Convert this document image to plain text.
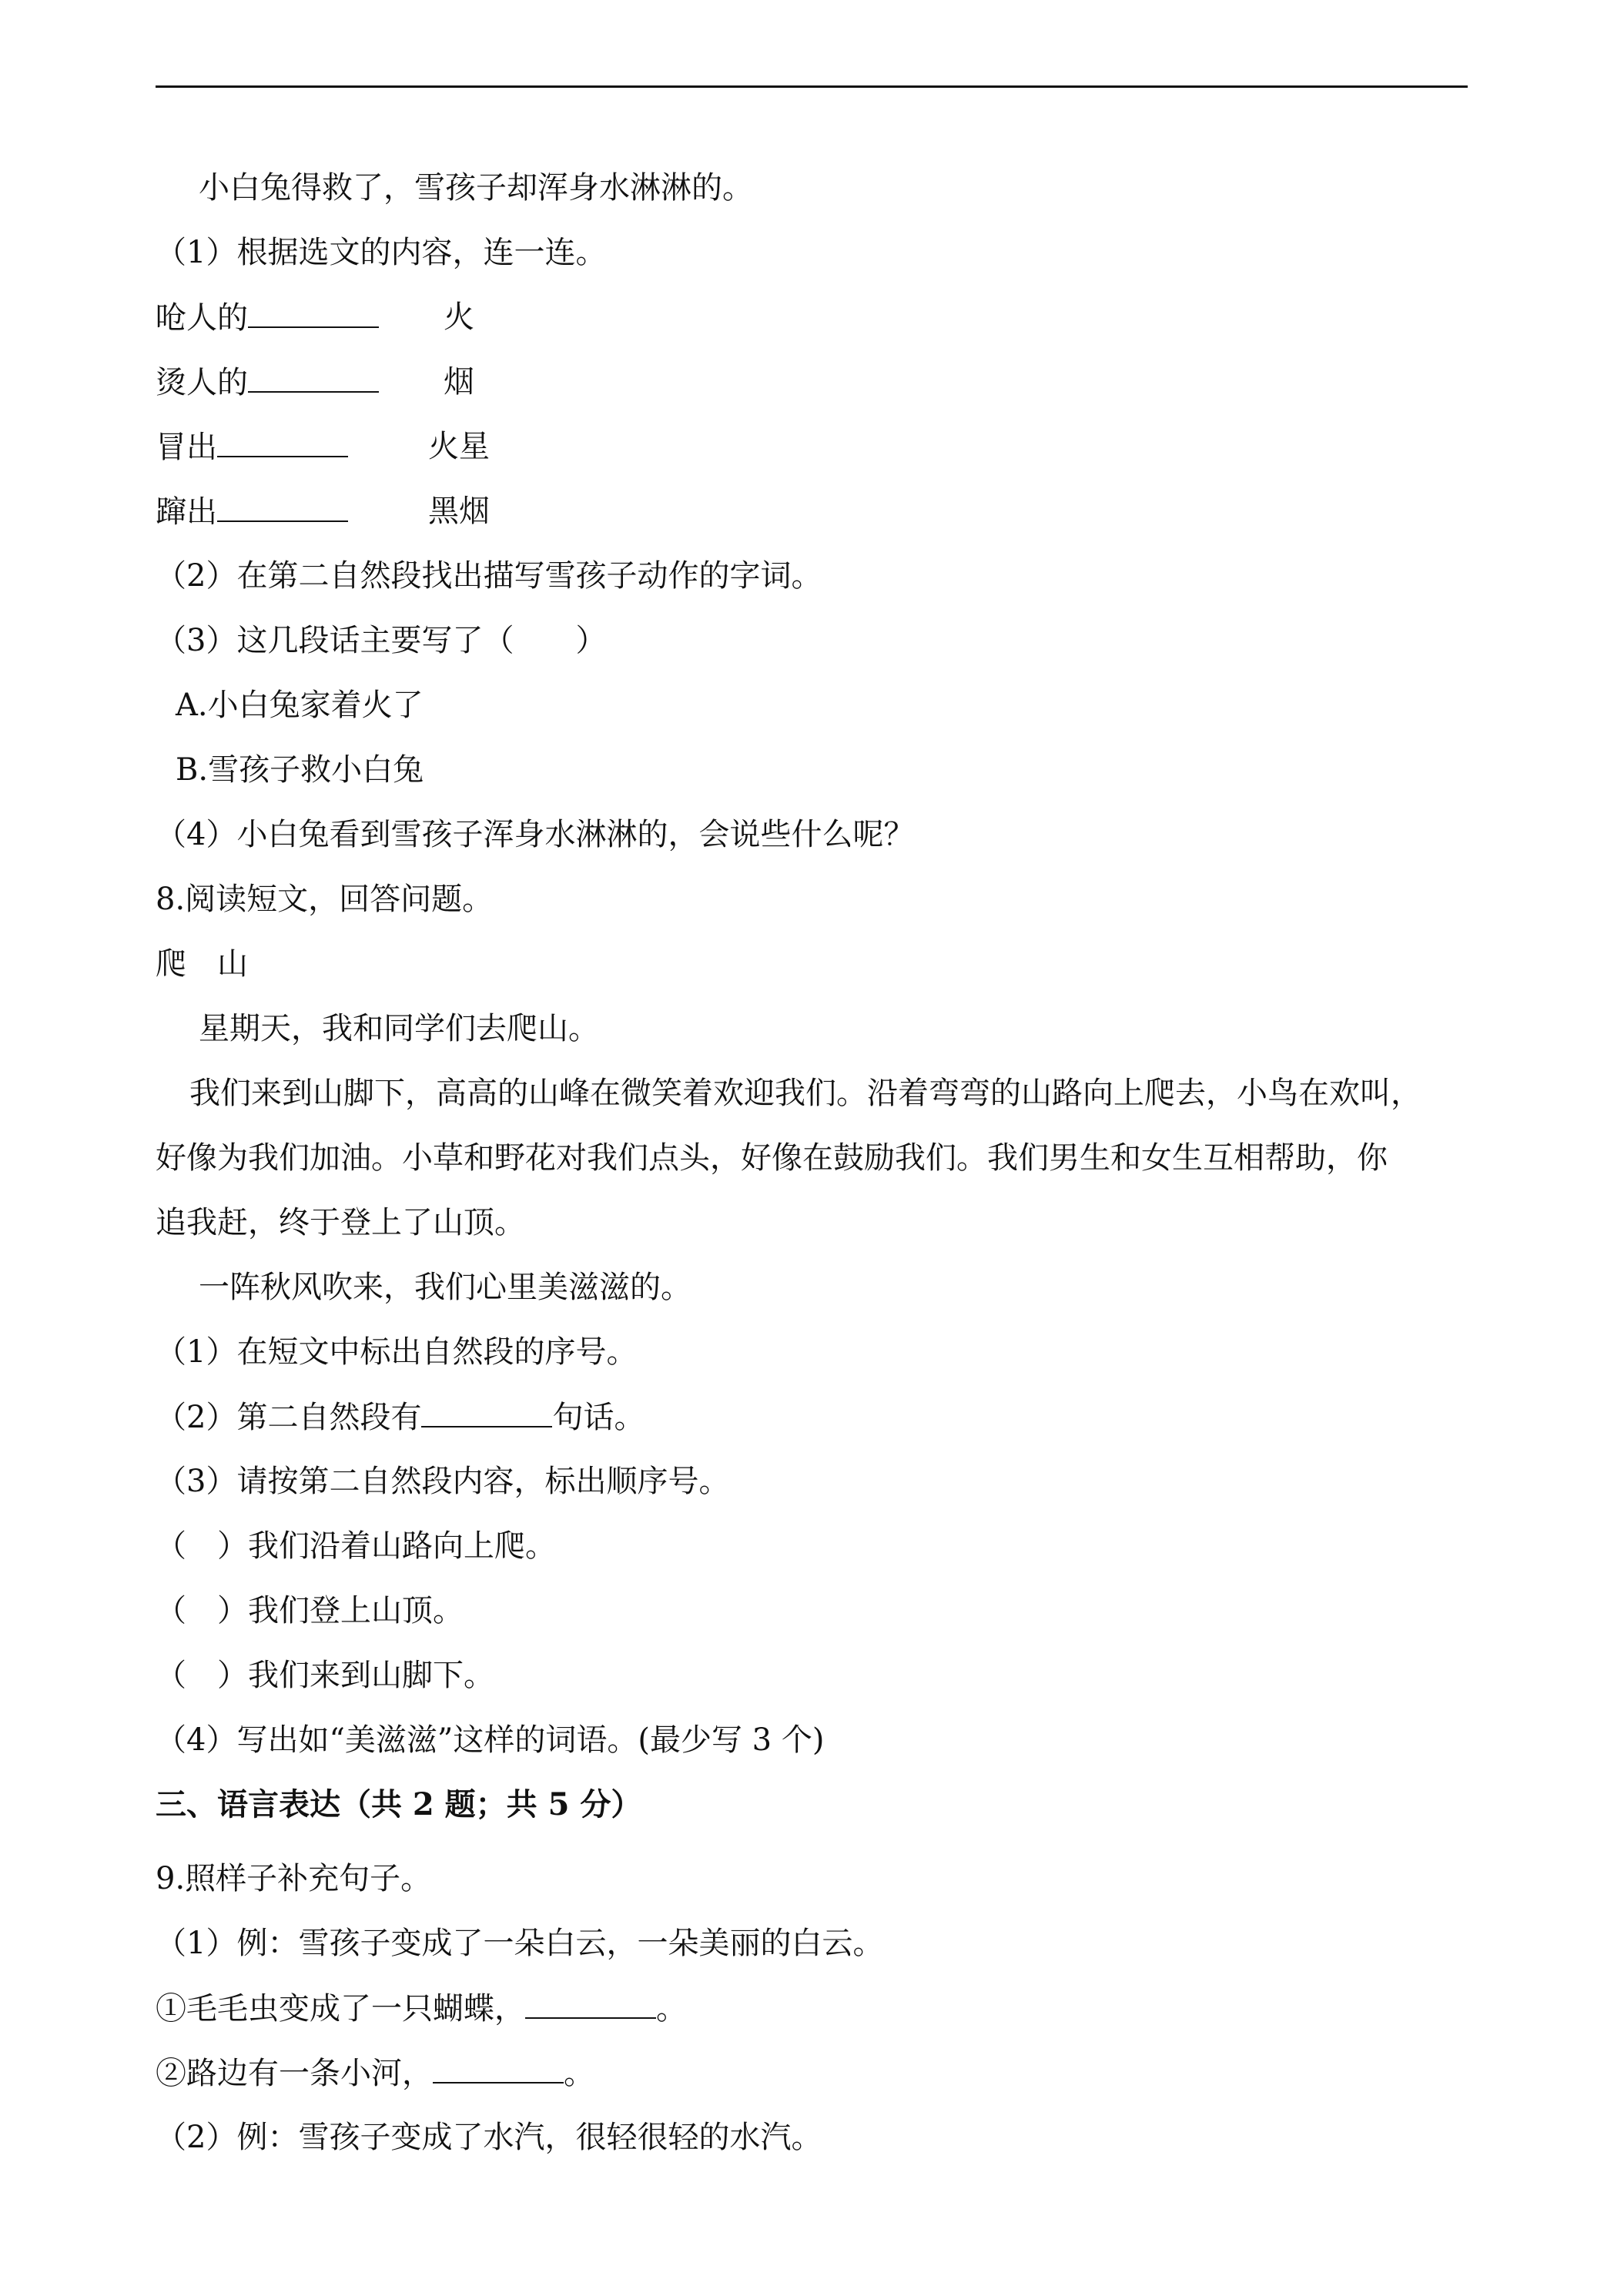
小白兔得救了，雪孩子却浑身水淋淋的。
（1）根据选文的内容，连一连。
呛人的	火
烫人的	烟
冒出	火星
蹿出	黑烟
（2）在第二自然段找出描写雪孩子动作的字词。
（3）这几段话主要写了（　　）
A.小白兔家着火了
B.雪孩子救小白兔
（4）小白兔看到雪孩子浑身水淋淋的，会说些什么呢？
8.阅读短文，回答问题。
爬　山
星期天，我和同学们去爬山。
我们来到山脚下，高高的山峰在微笑着欢迎我们。沿着弯弯的山路向上爬去，小鸟在欢叫，
好像为我们加油。小草和野花对我们点头，好像在鼓励我们。我们男生和女生互相帮助，你
追我赶，终于登上了山顶。
一阵秋风吹来，我们心里美滋滋的。
（1）在短文中标出自然段的序号。
（2）第二自然段有	句话。
（3）请按第二自然段内容，标出顺序号。
（　）我们沿着山路向上爬。
（　）我们登上山顶。
（　）我们来到山脚下。
（4）写出如“美滋滋”这样的词语。(最少写 3 个)
三、语言表达（共 2 题；共 5 分）
9.照样子补充句子。
（1）例：雪孩子变成了一朵白云，一朵美丽的白云。
①毛毛虫变成了一只蝴蝶，	。
②路边有一条小河，	。
（2）例：雪孩子变成了水汽，很轻很轻的水汽。
